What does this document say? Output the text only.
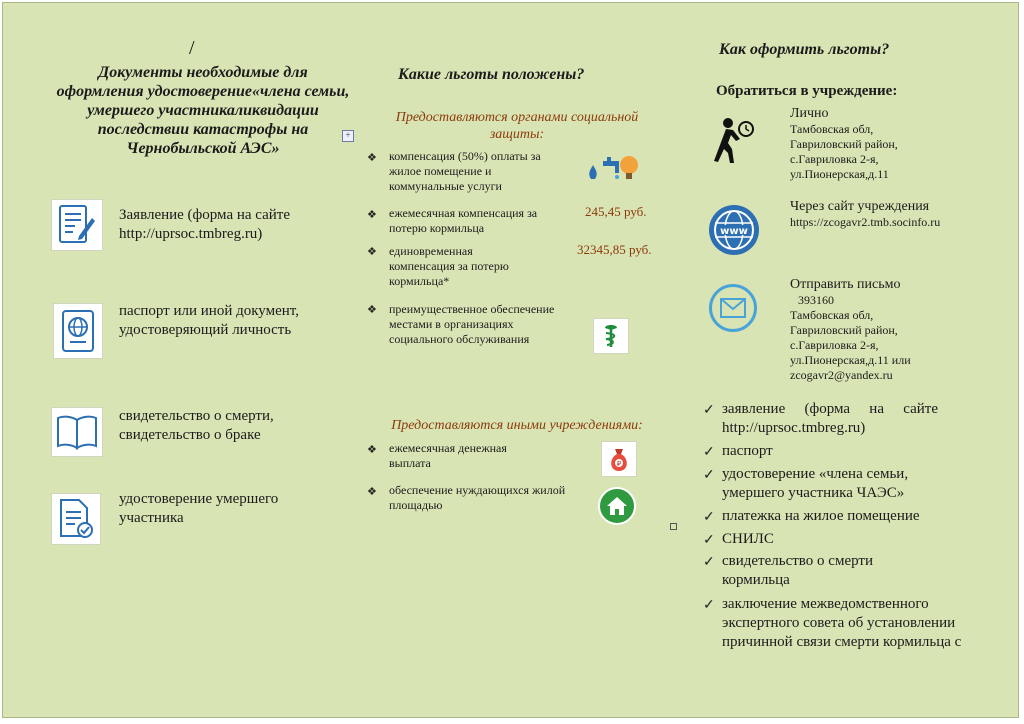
/
Документы необходимые для оформления удостоверение«члена семьи, умершего участникаликвидации последствии катастрофы на Чернобыльской АЭС»
+
Заявление (форма на сайте http://uprsoc.tmbreg.ru)
паспорт или иной документ, удостоверяющий личность
свидетельство о смерти, свидетельство о браке
удостоверение умершего участника
Какие льготы положены?
Предоставляются органами социальной защиты:
❖ компенсация (50%) оплаты за жилое помещение и коммунальные услуги
❖ ежемесячная компенсация за потерю кормильца
245,45 руб.
❖ единовременная компенсация за потерю кормильца*
32345,85 руб.
❖ преимущественное обеспечение местами в организациях социального обслуживания
Предоставляются иными учреждениями:
❖ ежемесячная денежная выплата	₽
❖ обеспечение нуждающихся жилой площадью
Как оформить льготы?
Обратиться в учреждение:
Лично
Тамбовская обл,
Гавриловский район,
с.Гавриловка 2-я,
ул.Пионерская,д.11
www
Через сайт учреждения
https://zcogavr2.tmb.socinfo.ru
Отправить письмо
393160
Тамбовская обл,
Гавриловский район,
с.Гавриловка 2-я,
ул.Пионерская,д.11 или
zcogavr2@yandex.ru
✓ заявление (форма на сайте http://uprsoc.tmbreg.ru)
✓ паспорт
✓ удостоверение «члена семьи, умершего участника ЧАЭС»
✓ платежка на жилое помещение
✓ СНИЛС
✓ свидетельство о смерти кормильца
✓ заключение межведомственного экспертного совета об установлении причинной связи смерти кормильца с
